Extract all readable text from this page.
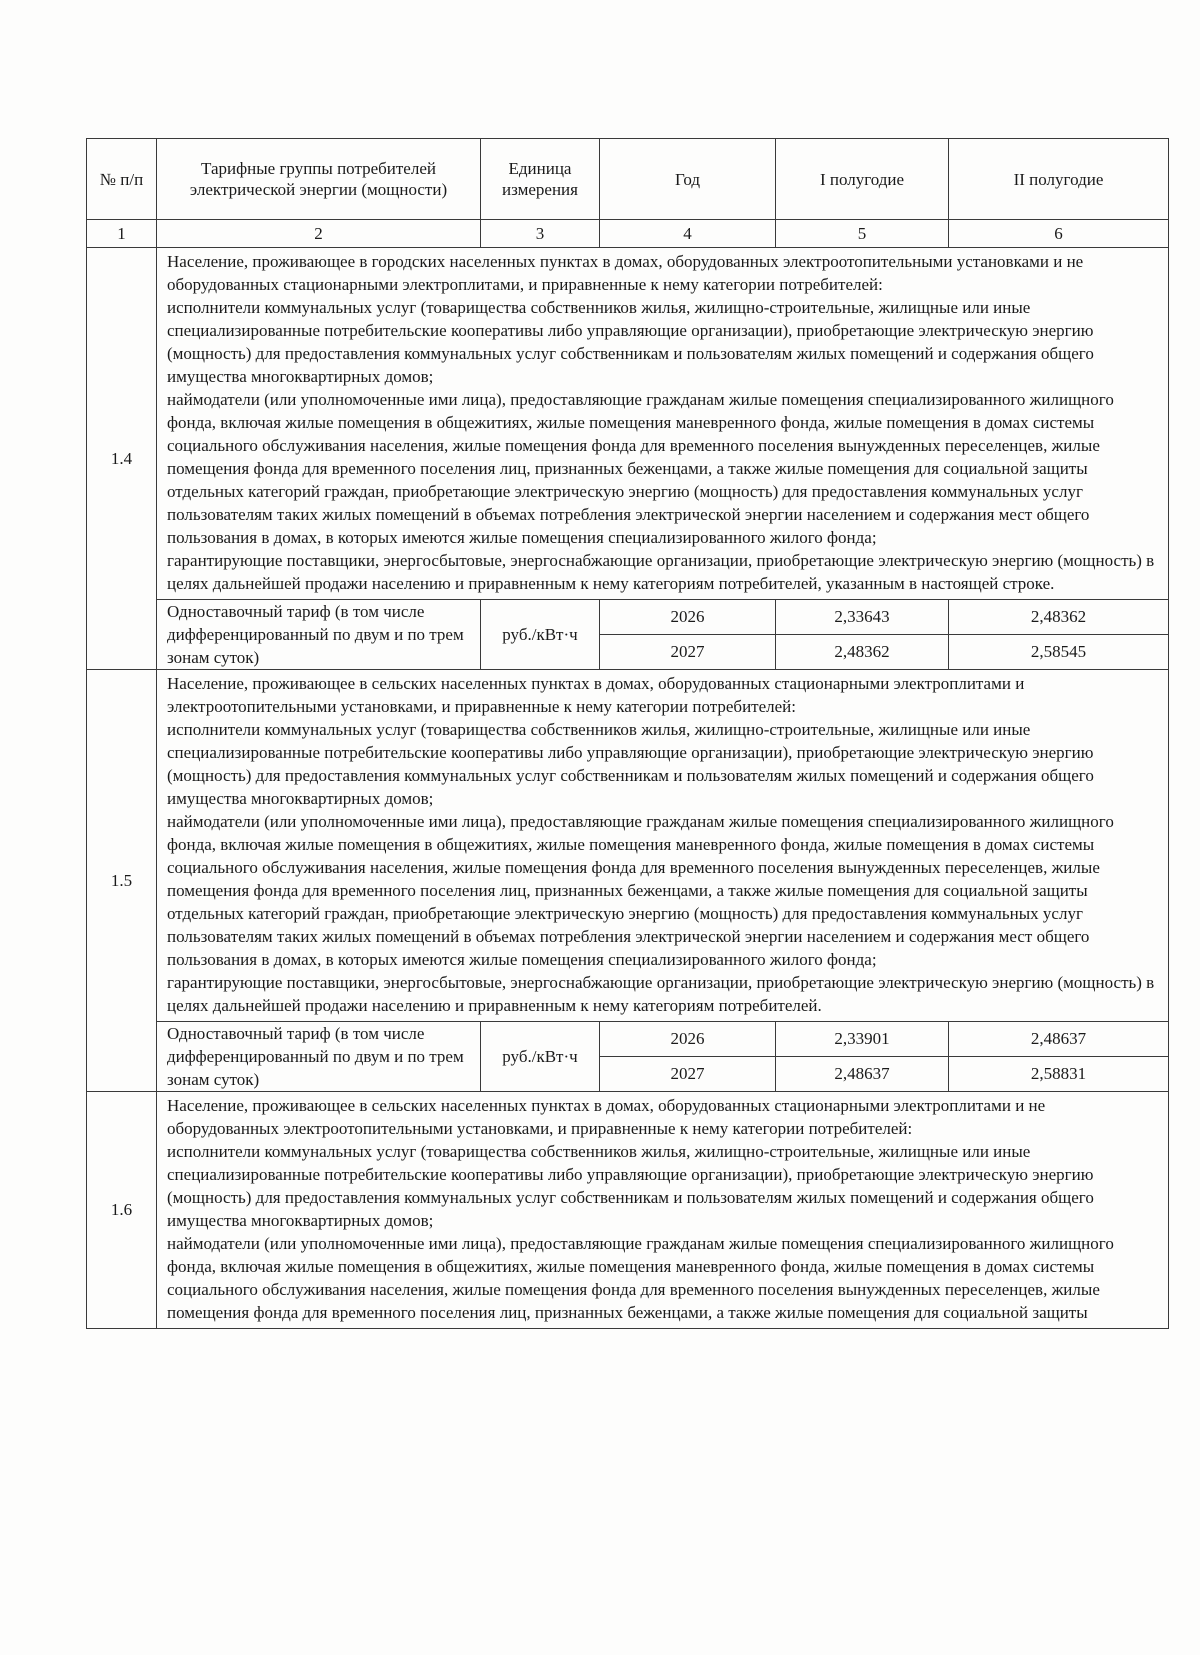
№ п/п	Тарифные группы потребителей электрической энергии (мощности)	Единица измерения	Год	I полугодие	II полугодие
1	2	3	4	5	6
1.4	Население, проживающее в городских населенных пунктах в домах, оборудованных электроотопительными установками и не оборудованных стационарными электроплитами, и приравненные к нему категории потребителей:

исполнители коммунальных услуг (товарищества собственников жилья, жилищно-строительные, жилищные или иные специализированные потребительские кооперативы либо управляющие организации), приобретающие электрическую энергию (мощность) для предоставления коммунальных услуг собственникам и пользователям жилых помещений и содержания общего имущества многоквартирных домов;

наймодатели (или уполномоченные ими лица), предоставляющие гражданам жилые помещения специализированного жилищного фонда, включая жилые помещения в общежитиях, жилые помещения маневренного фонда, жилые помещения в домах системы социального обслуживания населения, жилые помещения фонда для временного поселения вынужденных переселенцев, жилые помещения фонда для временного поселения лиц, признанных беженцами, а также жилые помещения для социальной защиты отдельных категорий граждан, приобретающие электрическую энергию (мощность) для предоставления коммунальных услуг пользователям таких жилых помещений в объемах потребления электрической энергии населением и содержания мест общего пользования в домах, в которых имеются жилые помещения специализированного жилого фонда;

гарантирующие поставщики, энергосбытовые, энергоснабжающие организации, приобретающие электрическую энергию (мощность) в целях дальнейшей продажи населению и приравненным к нему категориям потребителей, указанным в настоящей строке.				

	Одноставочный тариф (в том числе дифференцированный по двум и по трем зонам суток)	руб./кВт·ч	2026	2,33643	2,48362
			2027	2,48362	2,58545
1.5	Население, проживающее в сельских населенных пунктах в домах, оборудованных стационарными электроплитами и электроотопительными установками, и приравненные к нему категории потребителей:

исполнители коммунальных услуг (товарищества собственников жилья, жилищно-строительные, жилищные или иные специализированные потребительские кооперативы либо управляющие организации), приобретающие электрическую энергию (мощность) для предоставления коммунальных услуг собственникам и пользователям жилых помещений и содержания общего имущества многоквартирных домов;

наймодатели (или уполномоченные ими лица), предоставляющие гражданам жилые помещения специализированного жилищного фонда, включая жилые помещения в общежитиях, жилые помещения маневренного фонда, жилые помещения в домах системы социального обслуживания населения, жилые помещения фонда для временного поселения вынужденных переселенцев, жилые помещения фонда для временного поселения лиц, признанных беженцами, а также жилые помещения для социальной защиты отдельных категорий граждан, приобретающие электрическую энергию (мощность) для предоставления коммунальных услуг пользователям таких жилых помещений в объемах потребления электрической энергии населением и содержания мест общего пользования в домах, в которых имеются жилые помещения специализированного жилого фонда;

гарантирующие поставщики, энергосбытовые, энергоснабжающие организации, приобретающие электрическую энергию (мощность) в целях дальнейшей продажи населению и приравненным к нему категориям потребителей.				

	Одноставочный тариф (в том числе дифференцированный по двум и по трем зонам суток)	руб./кВт·ч	2026	2,33901	2,48637
			2027	2,48637	2,58831
1.6	Население, проживающее в сельских населенных пунктах в домах, оборудованных стационарными электроплитами и не оборудованных электроотопительными установками, и приравненные к нему категории потребителей:

исполнители коммунальных услуг (товарищества собственников жилья, жилищно-строительные, жилищные или иные специализированные потребительские кооперативы либо управляющие организации), приобретающие электрическую энергию (мощность) для предоставления коммунальных услуг собственникам и пользователям жилых помещений и содержания общего имущества многоквартирных домов;

наймодатели (или уполномоченные ими лица), предоставляющие гражданам жилые помещения специализированного жилищного фонда, включая жилые помещения в общежитиях, жилые помещения маневренного фонда, жилые помещения в домах системы социального обслуживания населения, жилые помещения фонда для временного поселения вынужденных переселенцев, жилые помещения фонда для временного поселения лиц, признанных беженцами, а также жилые помещения для социальной защиты				
